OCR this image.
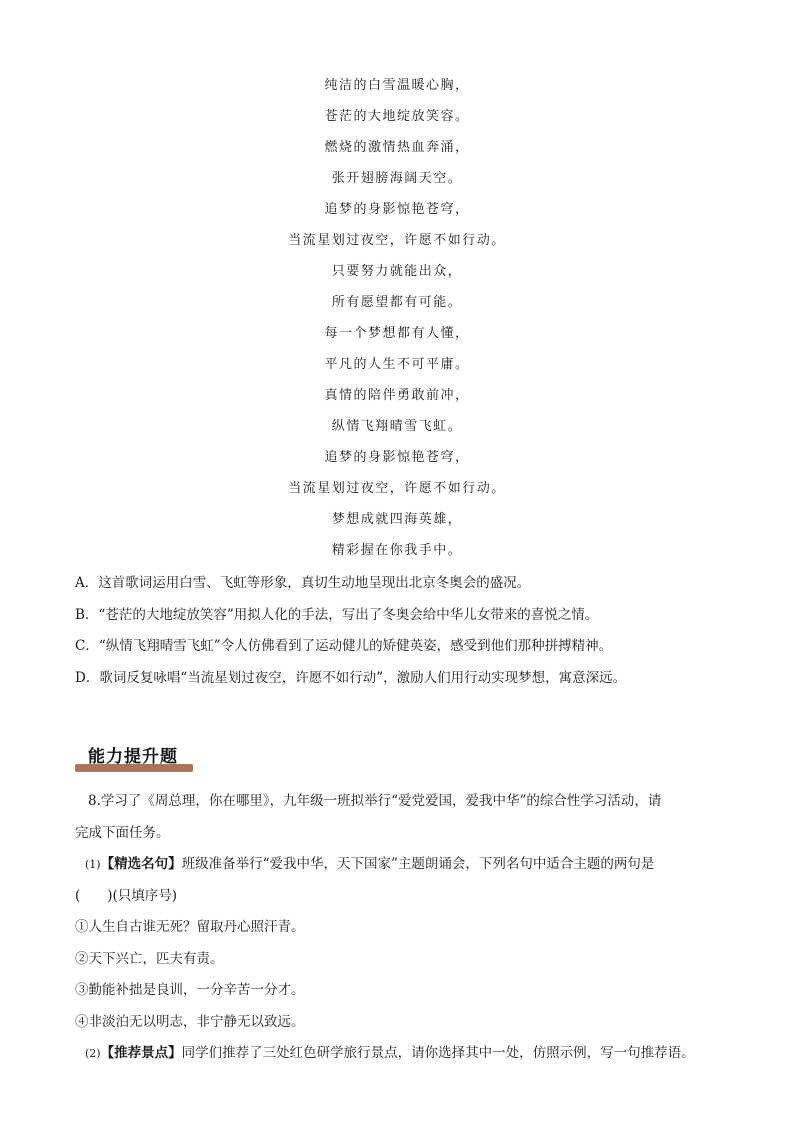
纯洁的白雪温暖心胸，
苍茫的大地绽放笑容。
燃烧的激情热血奔涌，
张开翅膀海阔天空。
追梦的身影惊艳苍穹，
当流星划过夜空，许愿不如行动。
只要努力就能出众，
所有愿望都有可能。
每一个梦想都有人懂，
平凡的人生不可平庸。
真情的陪伴勇敢前冲，
纵情飞翔晴雪飞虹。
追梦的身影惊艳苍穹，
当流星划过夜空，许愿不如行动。
梦想成就四海英雄，
精彩握在你我手中。
A．这首歌词运用白雪、飞虹等形象，真切生动地呈现出北京冬奥会的盛况。
B．“苍茫的大地绽放笑容”用拟人化的手法，写出了冬奥会给中华儿女带来的喜悦之情。
C．“纵情飞翔晴雪飞虹”令人仿佛看到了运动健儿的矫健英姿，感受到他们那种拼搏精神。
D．歌词反复咏唱“当流星划过夜空，许愿不如行动”，激励人们用行动实现梦想，寓意深远。
能力提升题
8.学习了《周总理，你在哪里》，九年级一班拟举行“爱党爱国，爱我中华”的综合性学习活动，请
完成下面任务。
(1)【精选名句】班级准备举行“爱我中华，天下国家”主题朗诵会，下列名句中适合主题的两句是
(　　)(只填序号)
①人生自古谁无死？留取丹心照汗青。
②天下兴亡，匹夫有责。
③勤能补拙是良训，一分辛苦一分才。
④非淡泊无以明志，非宁静无以致远。
(2)【推荐景点】同学们推荐了三处红色研学旅行景点，请你选择其中一处，仿照示例，写一句推荐语。
